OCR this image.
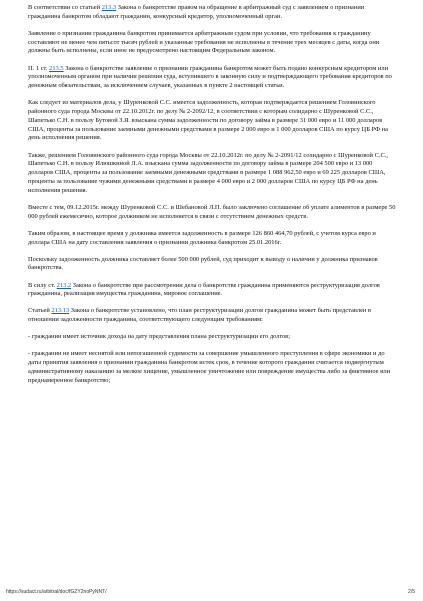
В соответствии со статьей 213.3 Закона о банкротстве правом на обращение в арбитражный суд с заявлением о признании гражданина банкротом обладают гражданин, конкурсный кредитор, уполномоченный орган.

Заявление о признании гражданина банкротом принимается арбитражным судом при условии, что требования к гражданину составляют не менее чем пятьсот тысяч рублей и указанные требования не исполнены в течение трех месяцев с даты, когда они должны быть исполнены, если иное не предусмотрено настоящим Федеральным законом.

П. 1 ст. 213.5 Закона о банкротстве заявление о признании гражданина банкротом может быть подано конкурсным кредитором или уполномоченным органом при наличии решения суда, вступившего в законную силу и подтверждающего требования кредиторов по денежным обязательствам, за исключением случаев, указанных в пункте 2 настоящей статьи.

Как следует из материалов дела, у Шуренковой С.С. имеется задолженность, которая подтверждается решением Головинского районного суда города Москвы от 22.10.2012г. по делу № 2-2092/12, в соответствии с которым солидарно с Шуренковой С.С., Шапетько С.Н. в пользу Бутовой З.Я. взыскана сумма задолженности по договору займа в размере 31 000 евро и 11 000 долларов США, проценты за пользование заемными денежными средствами в размере 2 000 евро и 1 000 долларов США по курсу ЦБ РФ на день исполнения решения.

Также, решением Головинского районного суда города Москвы от 22.10.2012г. по делу № 2-2091/12 солидарно с Шуренковой С.С., Шапетько С.Н. в пользу Илюшкиной Л.А. взыскана сумма задолженности по договору займа в размере 204 500 евро и 13 000 долларов США, проценты за пользование заемными денежными средствами в размере 1 088 962,50 евро и 69 225 долларов США, проценты за пользование чужими денежными средствами в размере 4 000 евро и 2 000 долларов США по курсу ЦБ РФ на день исполнения решения.

Вместе с тем, 09.12.2015г. между Шуренковой С.С. и Шебановой Л.П. было заключено соглашение об уплате алиментов в размере 50 000 рублей ежемесячно, которое должником не исполняется в связи с отсутствием денежных средств.

Таким образом, в настоящее время у должника имеется задолженность в размере 126 860 464,70 рублей, с учетом курса евро и доллара США на дату составления заявления о признании должника банкротом 25.01.2016г.

Поскольку задолженность должника составляет более 500 000 рублей, суд приходит к выводу о наличии у должника признаков банкротства.

В силу ст. 213.2 Закона о банкротстве при рассмотрении дела о банкротстве гражданина применяются реструктуризация долгов гражданина, реализация имущества гражданина, мировое соглашение.

Статьей 213.13 Закона о банкротстве установлено, что план реструктуризации долгов гражданина может быть представлен в отношении задолженности гражданина, соответствующего следующим требованиям:

- гражданин имеет источник дохода на дату представления плана реструктуризации его долгов;

- гражданин не имеет неснятой или непогашенной судимости за совершение умышленного преступления в сфере экономики и до даты принятия заявления о признании гражданина банкротом истек срок, в течение которого гражданин считается подвергнутым административному наказанию за мелкое хищение, умышленное уничтожение или повреждение имущества либо за фиктивное или преднамеренное банкротство;

https://sudact.ru/arbitral/doc/fGZY2noPyNNT/	2/5
